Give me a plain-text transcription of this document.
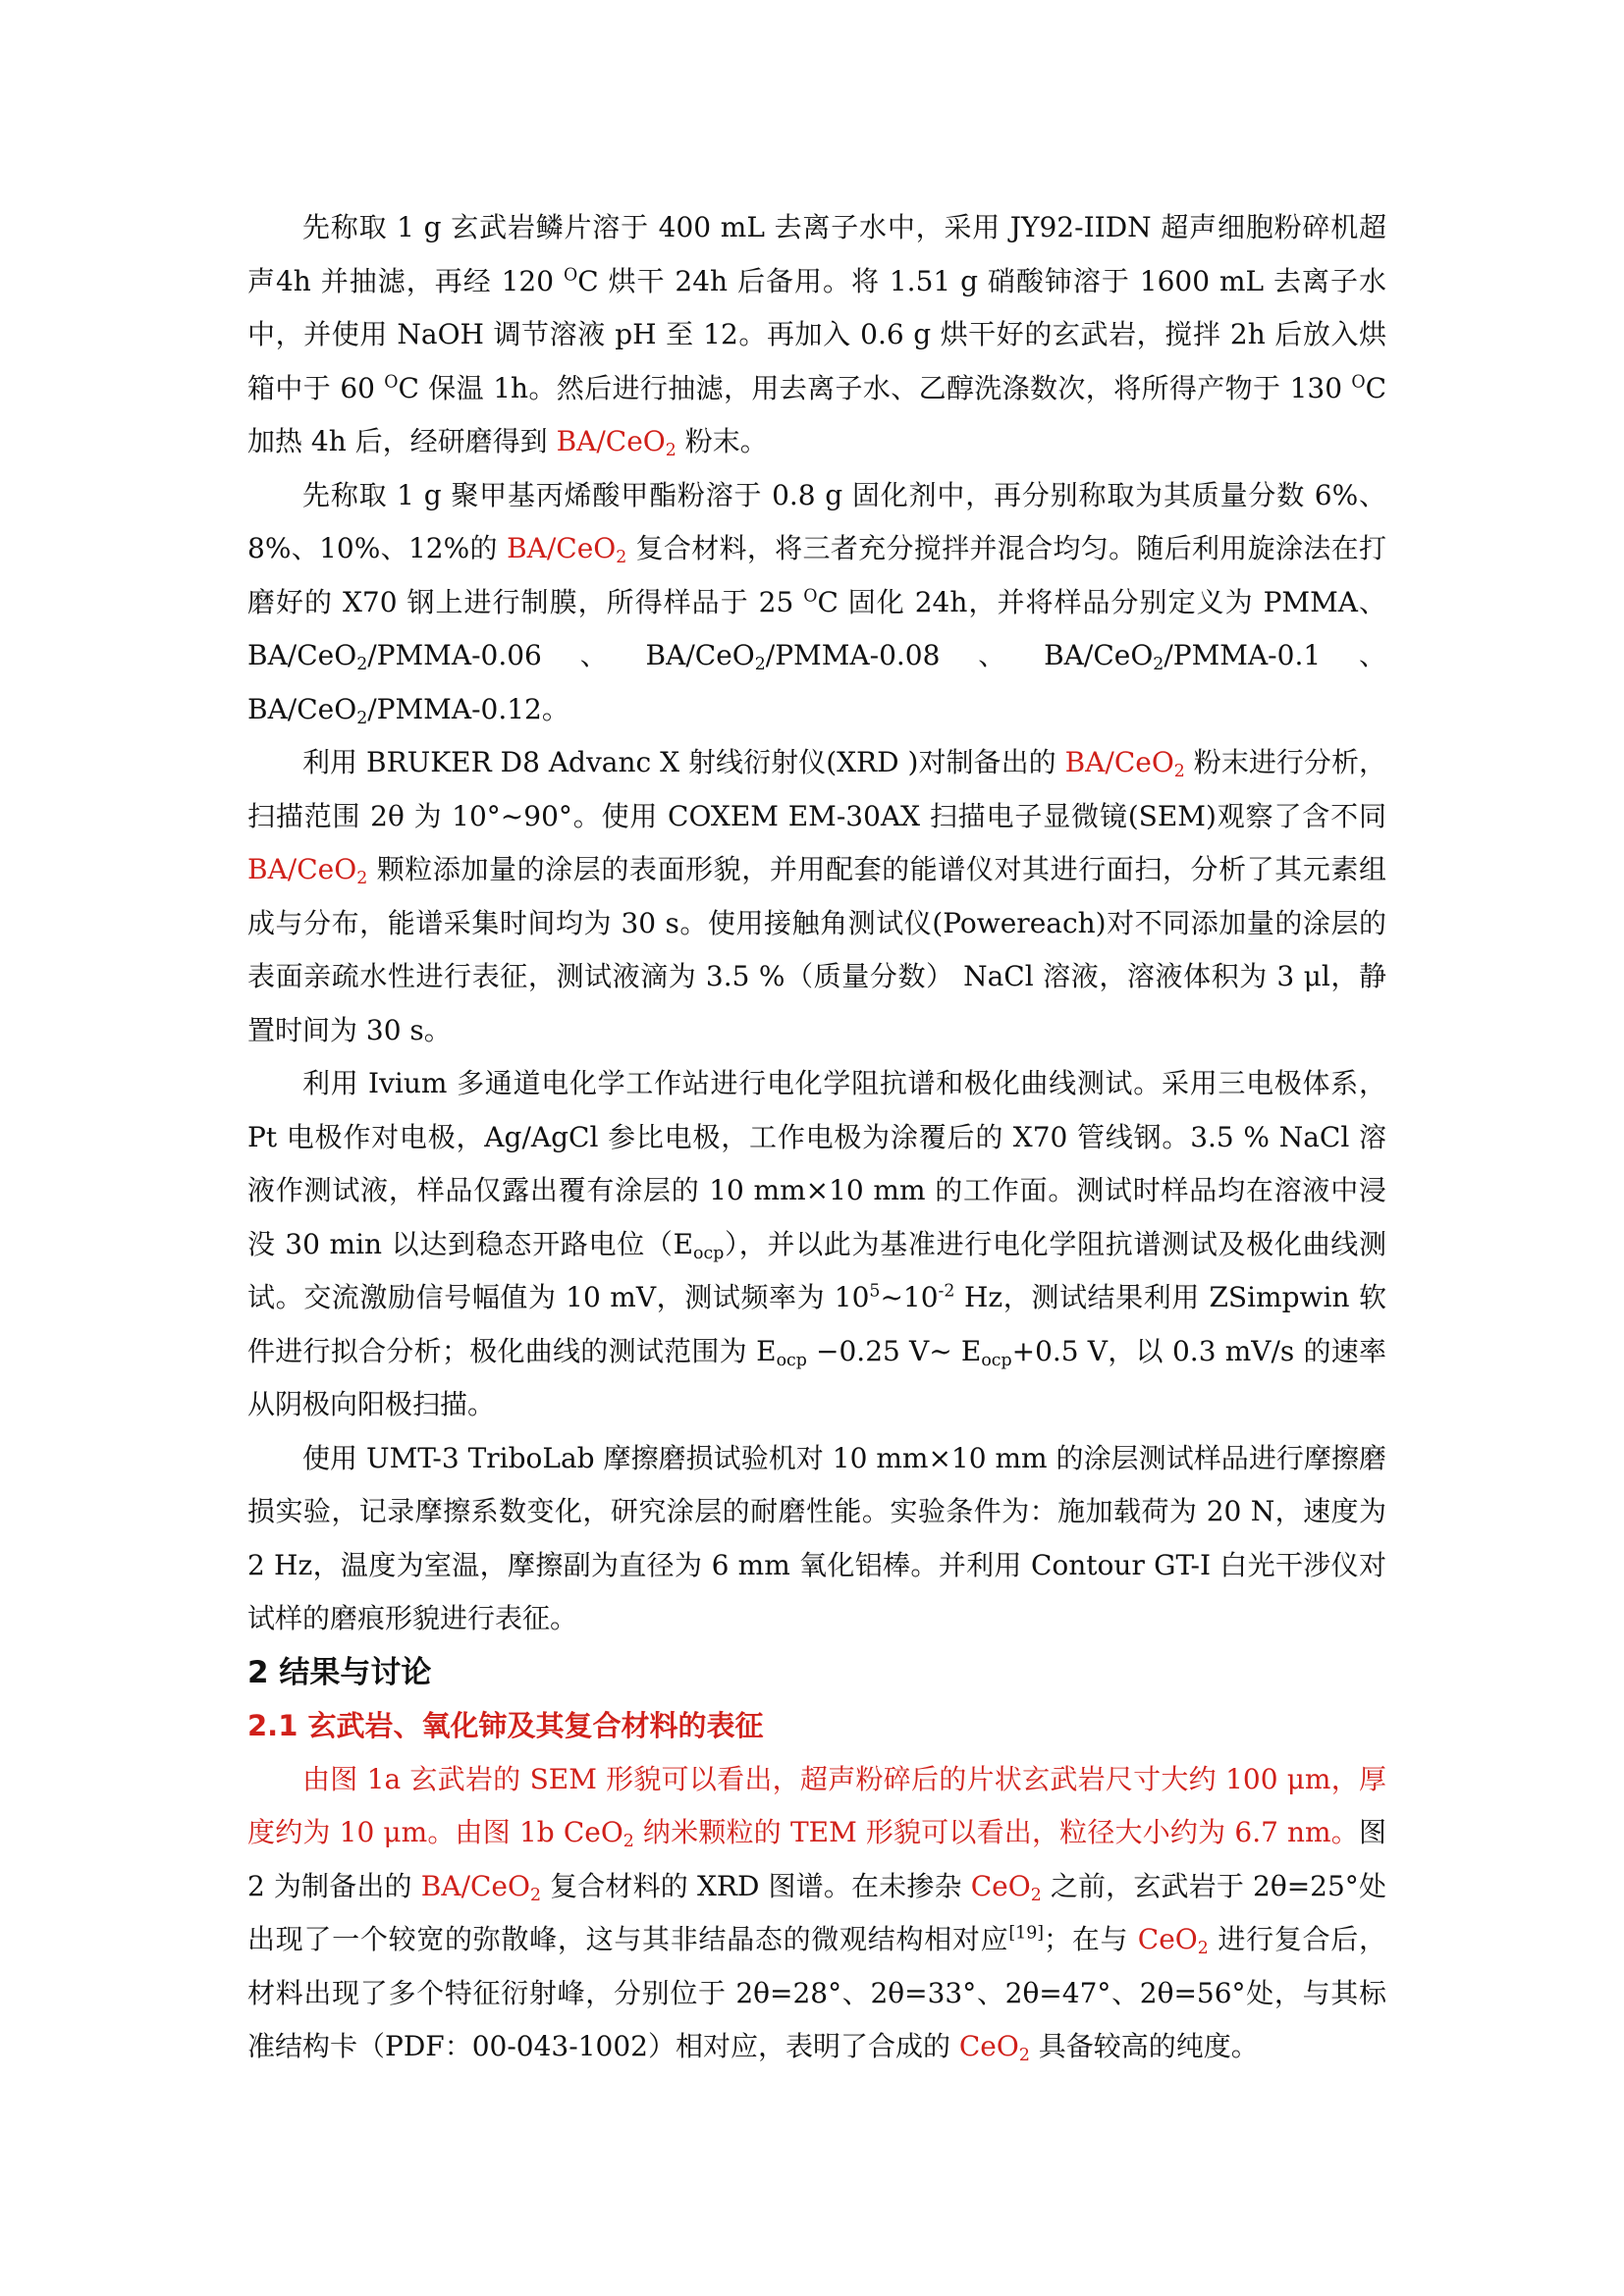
先称取 1 g 玄武岩鳞片溶于 400 mL 去离子水中，采用 JY92-IIDN 超声细胞粉碎机超声4h 并抽滤，再经 120 $^O$C 烘干 24h 后备用。将 1.51 g 硝酸铈溶于 1600 mL 去离子水中，并使用 NaOH 调节溶液 pH 至 12。再加入 0.6 g 烘干好的玄武岩，搅拌 2h 后放入烘箱中于 60 $^O$C 保温 1h。然后进行抽滤，用去离子水、乙醇洗涤数次，将所得产物于 130 $^O$C 加热 4h 后，经研磨得到 BA/CeO$_2$ 粉末。

先称取 1 g 聚甲基丙烯酸甲酯粉溶于 0.8 g 固化剂中，再分别称取为其质量分数 6%、8%、10%、12%的 BA/CeO$_2$ 复合材料，将三者充分搅拌并混合均匀。随后利用旋涂法在打磨好的 X70 钢上进行制膜，所得样品于 25 $^O$C 固化 24h，并将样品分别定义为 PMMA、BA/CeO$_2$/PMMA-0.06、BA/CeO$_2$/PMMA-0.08、BA/CeO$_2$/PMMA-0.1、BA/CeO$_2$/PMMA-0.12。

利用 BRUKER D8 Advanc X 射线衍射仪(XRD )对制备出的 BA/CeO$_2$ 粉末进行分析，扫描范围 2θ 为 10°~90°。使用 COXEM EM-30AX 扫描电子显微镜(SEM)观察了含不同 BA/CeO$_2$ 颗粒添加量的涂层的表面形貌，并用配套的能谱仪对其进行面扫，分析了其元素组成与分布，能谱采集时间均为 30 s。使用接触角测试仪(Powereach)对不同添加量的涂层的表面亲疏水性进行表征，测试液滴为 3.5 %（质量分数） NaCl 溶液，溶液体积为 3 μl，静置时间为 30 s。

利用 Ivium 多通道电化学工作站进行电化学阻抗谱和极化曲线测试。采用三电极体系，Pt 电极作对电极，Ag/AgCl 参比电极，工作电极为涂覆后的 X70 管线钢。3.5 % NaCl 溶液作测试液，样品仅露出覆有涂层的 10 mm×10 mm 的工作面。测试时样品均在溶液中浸没 30 min 以达到稳态开路电位$(E_{ocp})$，并以此为基准进行电化学阻抗谱测试及极化曲线测试。交流激励信号幅值为 10 mV，测试频率为 $10^5\sim 10^{-2}$ Hz，测试结果利用 ZSimpwin 软件进行拟合分析；极化曲线的测试范围为 $E_{ocp} -0.25$ V~ $E_{ocp}+0.5$ V，以 0.3 mV/s 的速率从阴极向阳极扫描。

使用 UMT-3 TriboLab 摩擦磨损试验机对 10 mm×10 mm 的涂层测试样品进行摩擦磨损实验，记录摩擦系数变化，研究涂层的耐磨性能。实验条件为：施加载荷为 20 N，速度为 2 Hz，温度为室温，摩擦副为直径为 6 mm 氧化铝棒。并利用 Contour GT-I 白光干涉仪对试样的磨痕形貌进行表征。

2 结果与讨论

2.1 玄武岩、氧化铈及其复合材料的表征

由图 1a 玄武岩的 SEM 形貌可以看出，超声粉碎后的片状玄武岩尺寸大约 100 μm，厚度约为 10 μm。由图 1b CeO$_2$ 纳米颗粒的 TEM 形貌可以看出，粒径大小约为 6.7 nm。图 2 为制备出的 BA/CeO$_2$ 复合材料的 XRD 图谱。在未掺杂 CeO$_2$ 之前，玄武岩于 2θ=25°处出现了一个较宽的弥散峰，这与其非结晶态的微观结构相对应[19]；在与 CeO$_2$ 进行复合后，材料出现了多个特征衍射峰，分别位于 2θ=28°、2θ=33°、2θ=47°、2θ=56°处，与其标准结构卡（PDF：00-043-1002）相对应，表明了合成的 CeO$_2$ 具备较高的纯度。
